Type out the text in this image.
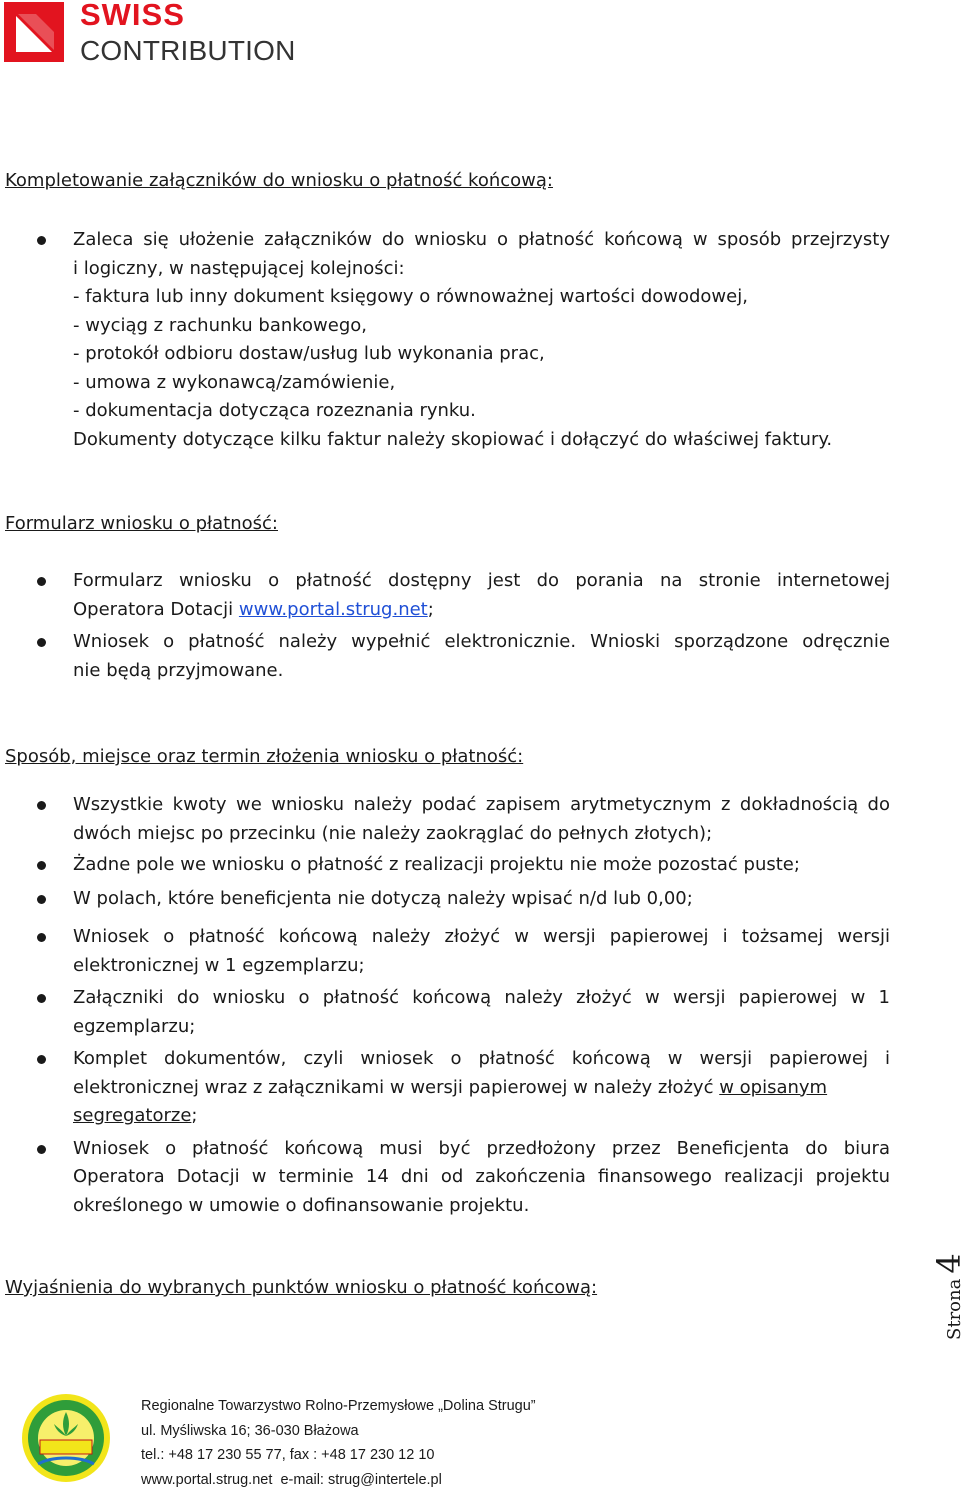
SWISS
CONTRIBUTION
Kompletowanie załączników do wniosku o płatność końcową:
Zaleca się ułożenie załączników do wniosku o płatność końcową w sposób przejrzysty
i logiczny, w następującej kolejności:
- faktura lub inny dokument księgowy o równoważnej wartości dowodowej,
- wyciąg z rachunku bankowego,
- protokół odbioru dostaw/usług lub wykonania prac,
- umowa z wykonawcą/zamówienie,
- dokumentacja dotycząca rozeznania rynku.
Dokumenty dotyczące kilku faktur należy skopiować i dołączyć do właściwej faktury.
Formularz wniosku o płatność:
Formularz wniosku o płatność dostępny jest do porania na stronie internetowej
Operatora Dotacji www.portal.strug.net;
Wniosek o płatność należy wypełnić elektronicznie. Wnioski sporządzone odręcznie
nie będą przyjmowane.
Sposób, miejsce oraz termin złożenia wniosku o płatność:
Wszystkie kwoty we wniosku należy podać zapisem arytmetycznym z dokładnością do
dwóch miejsc po przecinku (nie należy zaokrąglać do pełnych złotych);
Żadne pole we wniosku o płatność z realizacji projektu nie może pozostać puste;
W polach, które beneficjenta nie dotyczą należy wpisać n/d lub 0,00;
Wniosek o płatność końcową należy złożyć w wersji papierowej i tożsamej wersji
elektronicznej w 1 egzemplarzu;
Załączniki do wniosku o płatność końcową należy złożyć w wersji papierowej w 1
egzemplarzu;
Komplet dokumentów, czyli wniosek o płatność końcową w wersji papierowej i
elektronicznej wraz z załącznikami w wersji papierowej w należy złożyć w opisanym
segregatorze;
Wniosek o płatność końcową musi być przedłożony przez Beneficjenta do biura
Operatora Dotacji w terminie 14 dni od zakończenia finansowego realizacji projektu
określonego w umowie o dofinansowanie projektu.
Wyjaśnienia do wybranych punktów wniosku o płatność końcową:	Strona 4
Regionalne Towarzystwo Rolno-Przemysłowe „Dolina Strugu”
ul. Myśliwska 16; 36-030 Błażowa
tel.: +48 17 230 55 77, fax : +48 17 230 12 10
www.portal.strug.net e-mail: strug@intertele.pl
